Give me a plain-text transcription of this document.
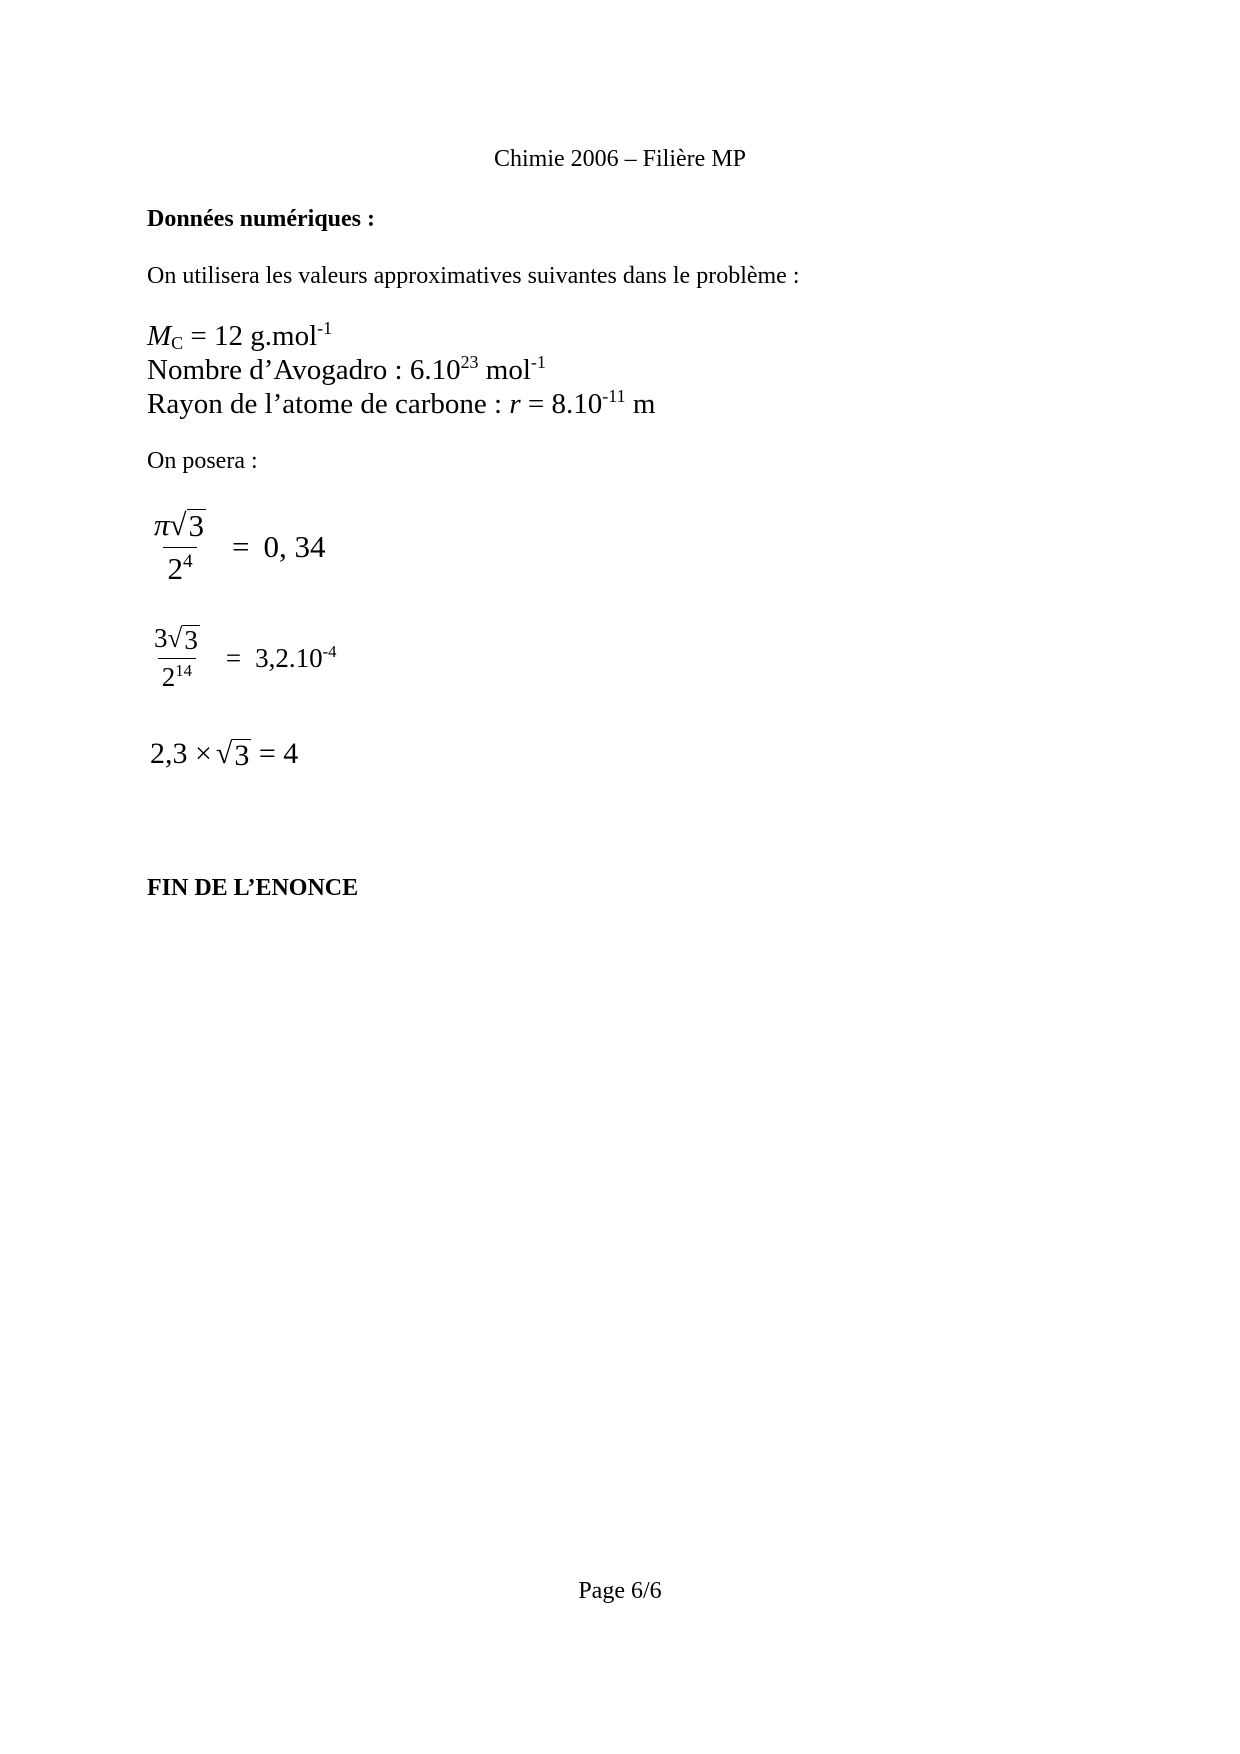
Chimie 2006 – Filière MP
Données numériques :
On utilisera les valeurs approximatives suivantes dans le problème :
$M_C = 12$ g.mol$^{-1}$
Nombre d’Avogadro : 6.10$^{23}$ mol$^{-1}$
Rayon de l’atome de carbone : $r = 8.10^{-11}$ m
On posera :
$\frac{\pi √ 3}{2^4} = 0$, 34
$\frac{3 √ 3}{2^{14}} = 3,2.10^{-4}$
2,3 × √ 3 = 4
FIN DE L’ENONCE
Page 6/6
